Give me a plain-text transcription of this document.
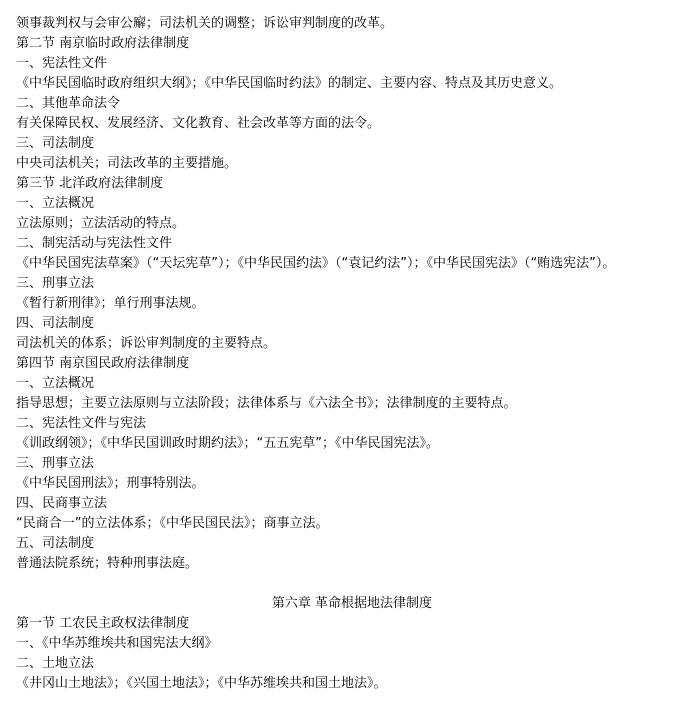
领事裁判权与会审公廨；司法机关的调整；诉讼审判制度的改革。
第二节 南京临时政府法律制度
一、宪法性文件
《中华民国临时政府组织大纲》；《中华民国临时约法》的制定、主要内容、特点及其历史意义。
二、其他革命法令
有关保障民权、发展经济、文化教育、社会改革等方面的法令。
三、司法制度
中央司法机关；司法改革的主要措施。
第三节 北洋政府法律制度
一、立法概况
立法原则；立法活动的特点。
二、制宪活动与宪法性文件
《中华民国宪法草案》（“天坛宪草”）；《中华民国约法》（“袁记约法”）；《中华民国宪法》（“贿选宪法”）。
三、刑事立法
《暂行新刑律》；单行刑事法规。
四、司法制度
司法机关的体系；诉讼审判制度的主要特点。
第四节 南京国民政府法律制度
一、立法概况
指导思想；主要立法原则与立法阶段；法律体系与《六法全书》；法律制度的主要特点。
二、宪法性文件与宪法
《训政纲领》；《中华民国训政时期约法》；“五五宪草”；《中华民国宪法》。
三、刑事立法
《中华民国刑法》；刑事特别法。
四、民商事立法
“民商合一”的立法体系；《中华民国民法》；商事立法。
五、司法制度
普通法院系统；特种刑事法庭。
第六章 革命根据地法律制度
第一节 工农民主政权法律制度
一、《中华苏维埃共和国宪法大纲》
二、土地立法
《井冈山土地法》；《兴国土地法》；《中华苏维埃共和国土地法》。
